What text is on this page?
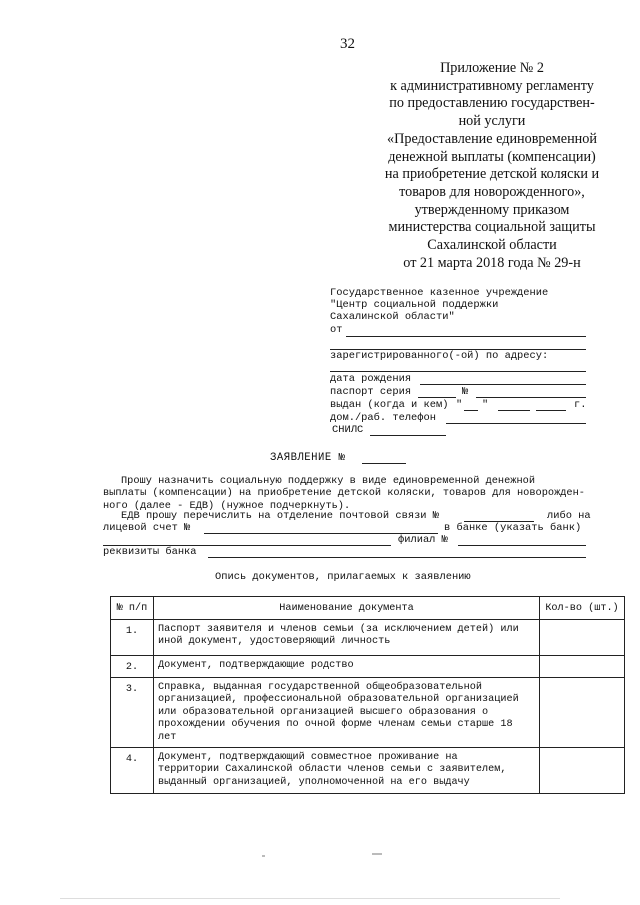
32
Приложение № 2
к административному регламенту
по предоставлению государствен-
ной услуги
«Предоставление единовременной
денежной выплаты (компенсации)
на приобретение детской коляски и
товаров для новорожденного»,
утвержденному приказом
министерства социальной защиты
Сахалинской области
от 21 марта 2018 года № 29-н
Государственное казенное учреждение
"Центр социальной поддержки
Сахалинской области"
от
зарегистрированного(-ой) по адресу:
дата рождения
паспорт серия	№
выдан (когда и кем) " "	г.
дом./раб. телефон
СНИЛС
ЗАЯВЛЕНИЕ №
Прошу назначить социальную поддержку в виде единовременной денежной
выплаты (компенсации) на приобретение детской коляски, товаров для новорожден-
ного (далее - ЕДВ) (нужное подчеркнуть).
ЕДВ прошу перечислить на отделение почтовой связи №	либо на
лицевой счет №	в банке (указать банк)
филиал №
реквизиты банка
Опись документов, прилагаемых к заявлению
№ п/п	Наименование документа	Кол-во (шт.)
1.	Паспорт заявителя и членов семьи (за исключением детей) или
иной документ, удостоверяющий личность	

2.	Документ, подтверждающие родство	

3.	Справка, выданная государственной общеобразовательной
организацией, профессиональной образовательной организацией
или образовательной организацией высшего образования о
прохождении обучения по очной форме членам семьи старше 18
лет	

4.	Документ, подтверждающий совместное проживание на
территории Сахалинской области членов семьи с заявителем,
выданный организацией, уполномоченной на его выдачу	
